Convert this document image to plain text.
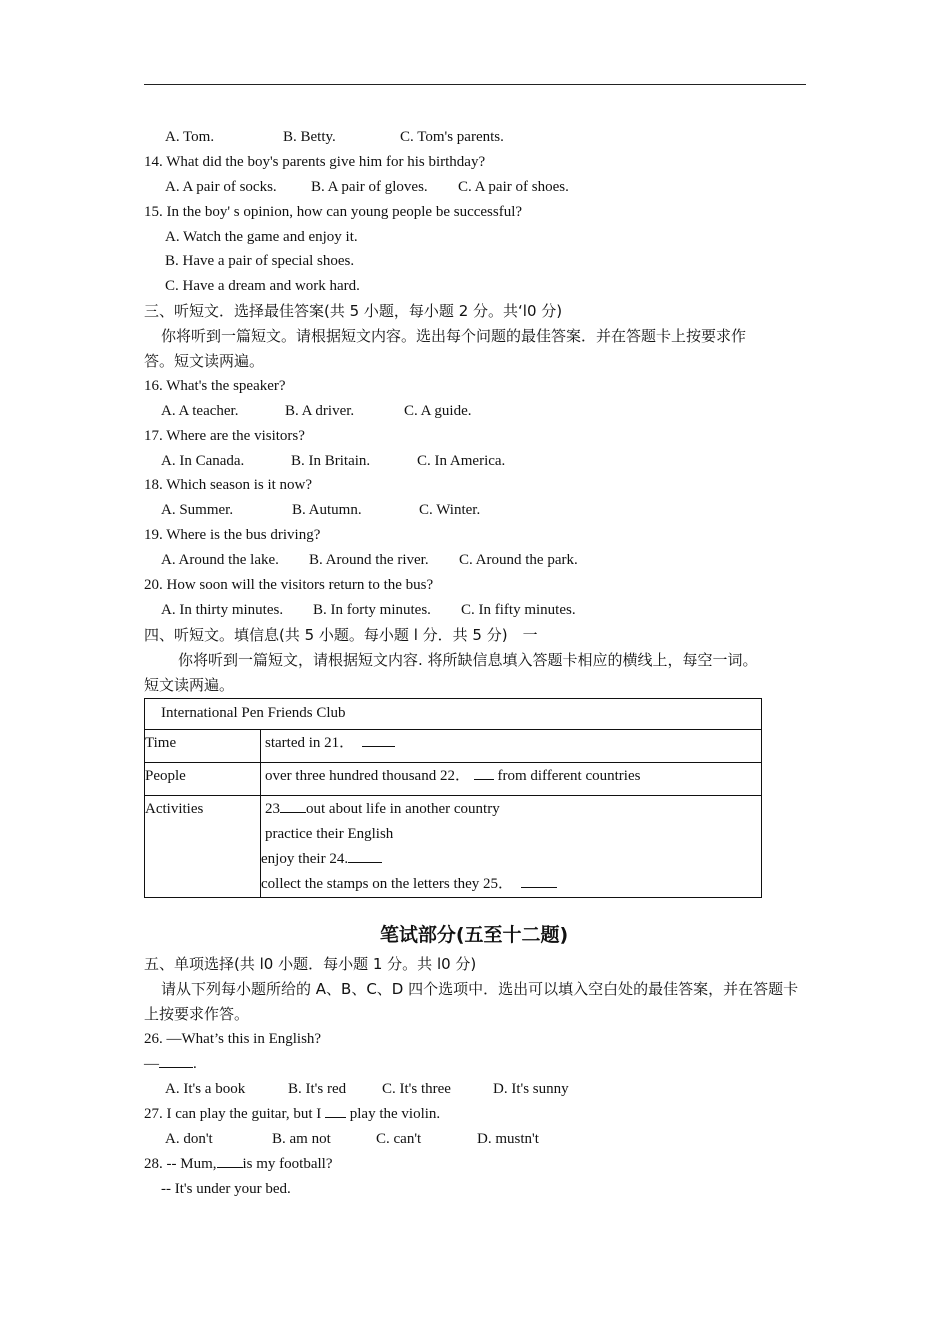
A. Tom.	B. Betty.	C. Tom's parents.
14. What did the boy's parents give him for his birthday?
A. A pair of socks. B. A pair of gloves. C. A pair of shoes.
15. In the boy' s opinion, how can young people be successful?
A. Watch the game and enjoy it.
B. Have a pair of special shoes.
C. Have a dream and work hard.
三、听短文．选择最佳答案(共 5 小题，每小题 2 分。共‘l0 分)
你将听到一篇短文。请根据短文内容。选出每个问题的最佳答案．并在答题卡上按要求作
答。短文读两遍。
16. What's the speaker?
A. A teacher.	B. A driver.	C. A guide.
17. Where are the visitors?
A. In Canada.	B. In Britain.	C. In America.
18. Which season is it now?
A. Summer.	B. Autumn.	C. Winter.
19. Where is the bus driving?
A. Around the lake. B. Around the river. C. Around the park.
20. How soon will the visitors return to the bus?
A. In thirty minutes. B. In forty minutes. C. In fifty minutes.
四、听短文。填信息(共 5 小题。每小题 l 分．共 5 分)　一
你将听到一篇短文，请根据短文内容. 将所缺信息填入答题卡相应的横线上，每空一词。
短文读两遍。
International Pen Friends Club	
Time	started in 21．
People	over three hundred thousand 22． from different countries
Activities	23 out about life in another country
practice their English
enjoy their 24.
collect the stamps on the letters they 25．
笔试部分(五至十二题)
五、单项选择(共 l0 小题．每小题 1 分。共 l0 分)
请从下列每小题所给的 A、B、C、D 四个选项中．选出可以填入空白处的最佳答案，并在答题卡上按要求作答。
26. —What’s this in English?
— .
A. It's a book	B. It's red C. It's three	D. It's sunny
27. I can play the guitar, but I play the violin.
A. don't	B. am not	C. can't	D. mustn't
28. -- Mum, is my football?
-- It's under your bed.
